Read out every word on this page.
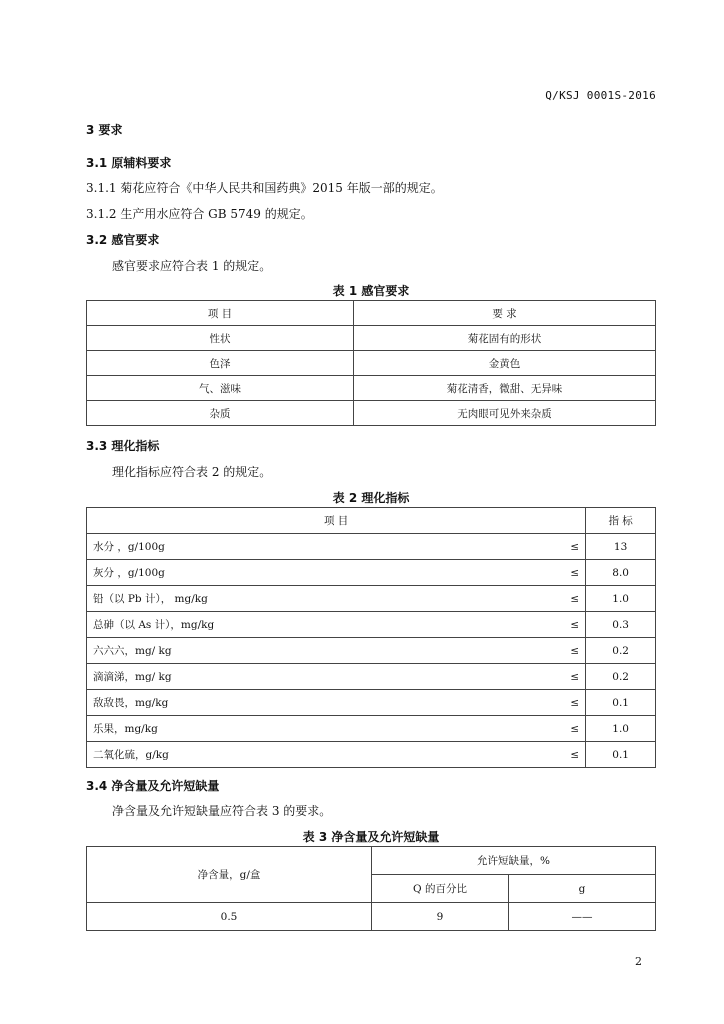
Q/KSJ 0001S-2016
3 要求
3.1 原辅料要求
3.1.1 菊花应符合《中华人民共和国药典》2015 年版一部的规定。
3.1.2 生产用水应符合 GB 5749 的规定。
3.2 感官要求
感官要求应符合表 1 的规定。
表 1 感官要求
项 目	要 求
性状	菊花固有的形状
色泽	金黄色
气、滋味	菊花清香，微甜、无异味
杂质	无肉眼可见外来杂质
3.3 理化指标
理化指标应符合表 2 的规定。
表 2 理化指标
项 目		指 标
水分 ，g/100g	≤	13
灰分 ，g/100g	≤	8.0
铅（以 Pb 计）， mg/kg	≤	1.0
总砷（以 As 计），mg/kg	≤	0.3
六六六，mg/ kg	≤	0.2
滴滴涕，mg/ kg	≤	0.2
敌敌畏，mg/kg	≤	0.1
乐果，mg/kg	≤	1.0
二氧化硫，g/kg	≤	0.1
3.4 净含量及允许短缺量
净含量及允许短缺量应符合表 3 的要求。
表 3 净含量及允许短缺量
净含量，g/盒	允许短缺量，%	
	Q 的百分比	g
0.5	9	——
2
